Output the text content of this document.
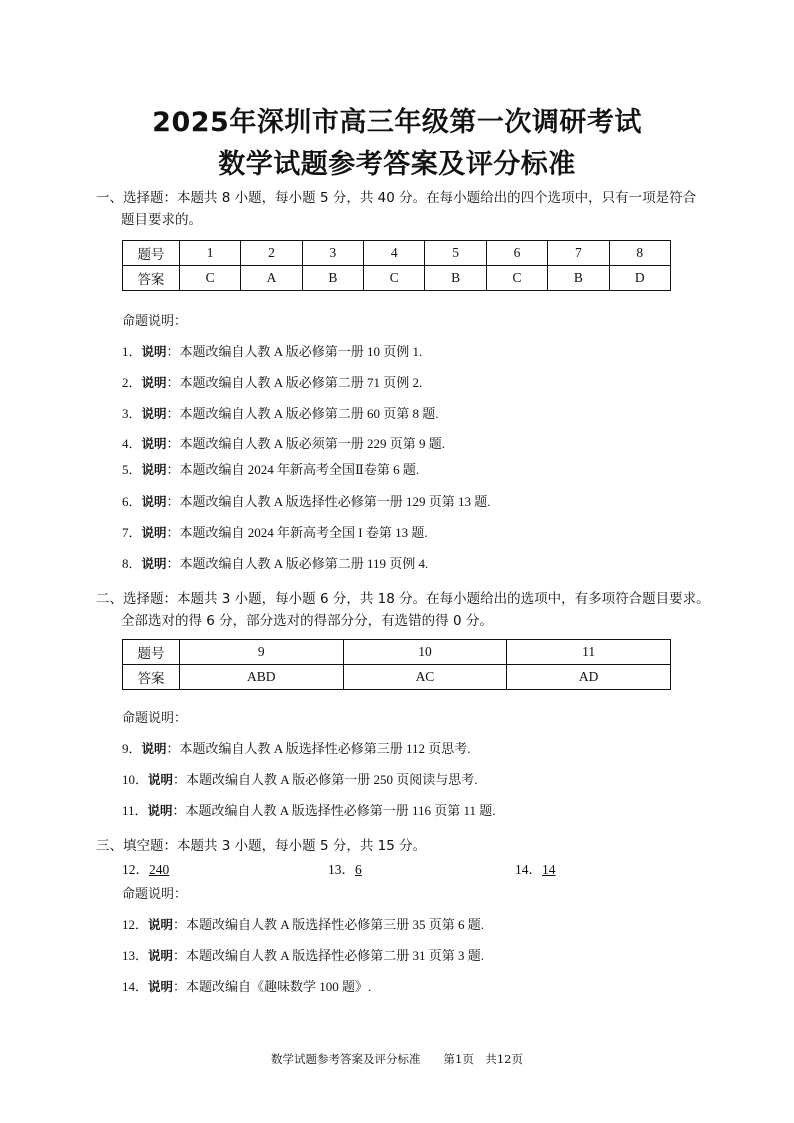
2025年深圳市高三年级第一次调研考试
数学试题参考答案及评分标准
一、选择题：本题共 8 小题，每小题 5 分，共 40 分。在每小题给出的四个选项中，只有一项是符合
题目要求的。
题号	1	2	3	4	5	6	7	8
答案	C	A	B	C	B	C	B	D
命题说明：
1．说明：本题改编自人教 A 版必修第一册 10 页例 1.
2．说明：本题改编自人教 A 版必修第二册 71 页例 2.
3．说明：本题改编自人教 A 版必修第二册 60 页第 8 题.
4．说明：本题改编自人教 A 版必须第一册 229 页第 9 题.
5．说明：本题改编自 2024 年新高考全国Ⅱ卷第 6 题.
6．说明：本题改编自人教 A 版选择性必修第一册 129 页第 13 题.
7．说明：本题改编自 2024 年新高考全国 I 卷第 13 题.
8．说明：本题改编自人教 A 版必修第二册 119 页例 4.
二、选择题：本题共 3 小题，每小题 6 分，共 18 分。在每小题给出的选项中，有多项符合题目要求。
全部选对的得 6 分，部分选对的得部分分，有选错的得 0 分。
题号	9	10	11
答案	ABD	AC	AD
命题说明：
9．说明：本题改编自人教 A 版选择性必修第三册 112 页思考.
10．说明：本题改编自人教 A 版必修第一册 250 页阅读与思考.
11．说明：本题改编自人教 A 版选择性必修第一册 116 页第 11 题.
三、填空题：本题共 3 小题，每小题 5 分，共 15 分。
12．240	13．6	14．14
命题说明：
12．说明：本题改编自人教 A 版选择性必修第三册 35 页第 6 题.
13．说明：本题改编自人教 A 版选择性必修第二册 31 页第 3 题.
14．说明：本题改编自《趣味数学 100 题》.
数学试题参考答案及评分标准　　第1页　共12页
